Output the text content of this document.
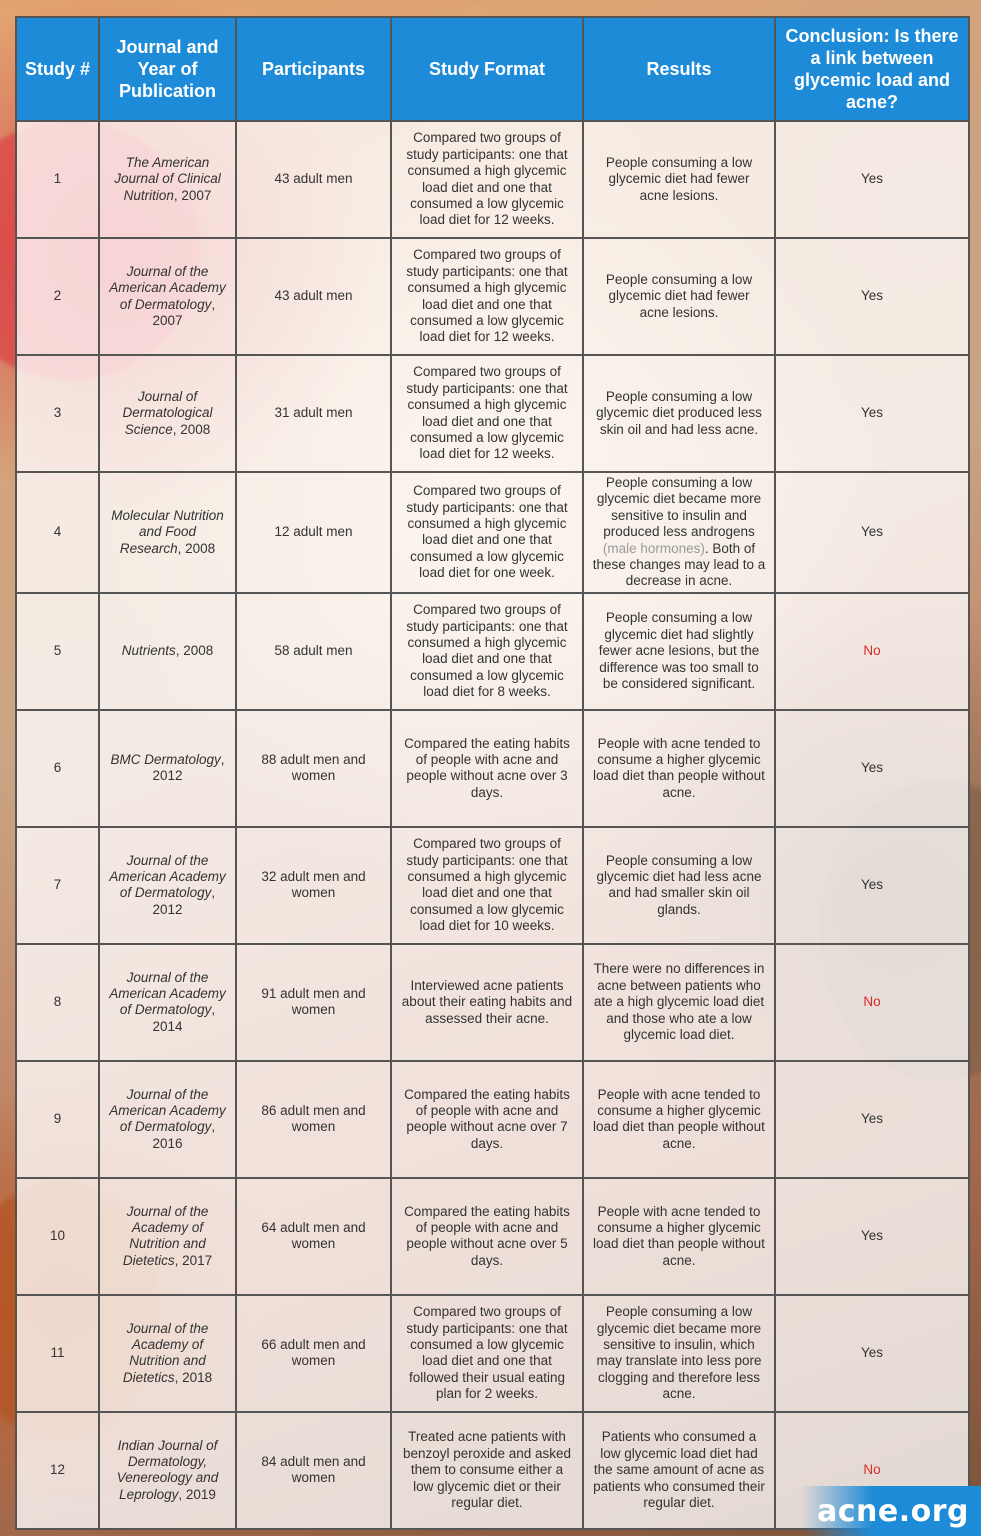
Study #	Journal and Year of Publication	Participants	Study Format	Results	Conclusion: Is there a link between glycemic load and acne?
1	The American Journal of Clinical Nutrition, 2007	43 adult men	Compared two groups of study participants: one that consumed a high glycemic load diet and one that consumed a low glycemic load diet for 12 weeks.	People consuming a low glycemic diet had fewer acne lesions.	Yes
2	Journal of the American Academy of Dermatology, 2007	43 adult men	Compared two groups of study participants: one that consumed a high glycemic load diet and one that consumed a low glycemic load diet for 12 weeks.	People consuming a low glycemic diet had fewer acne lesions.	Yes
3	Journal of Dermatological Science, 2008	31 adult men	Compared two groups of study participants: one that consumed a high glycemic load diet and one that consumed a low glycemic load diet for 12 weeks.	People consuming a low glycemic diet produced less skin oil and had less acne.	Yes
4	Molecular Nutrition and Food Research, 2008	12 adult men	Compared two groups of study participants: one that consumed a high glycemic load diet and one that consumed a low glycemic load diet for one week.	People consuming a low glycemic diet became more sensitive to insulin and produced less androgens (male hormones). Both of these changes may lead to a decrease in acne.	Yes
5	Nutrients, 2008	58 adult men	Compared two groups of study participants: one that consumed a high glycemic load diet and one that consumed a low glycemic load diet for 8 weeks.	People consuming a low glycemic diet had slightly fewer acne lesions, but the difference was too small to be considered significant.	No
6	BMC Dermatology, 2012	88 adult men and women	Compared the eating habits of people with acne and people without acne over 3 days.	People with acne tended to consume a higher glycemic load diet than people without acne.	Yes
7	Journal of the American Academy of Dermatology, 2012	32 adult men and women	Compared two groups of study participants: one that consumed a high glycemic load diet and one that consumed a low glycemic load diet for 10 weeks.	People consuming a low glycemic diet had less acne and had smaller skin oil glands.	Yes
8	Journal of the American Academy of Dermatology, 2014	91 adult men and women	Interviewed acne patients about their eating habits and assessed their acne.	There were no differences in acne between patients who ate a high glycemic load diet and those who ate a low glycemic load diet.	No
9	Journal of the American Academy of Dermatology, 2016	86 adult men and women	Compared the eating habits of people with acne and people without acne over 7 days.	People with acne tended to consume a higher glycemic load diet than people without acne.	Yes
10	Journal of the Academy of Nutrition and Dietetics, 2017	64 adult men and women	Compared the eating habits of people with acne and people without acne over 5 days.	People with acne tended to consume a higher glycemic load diet than people without acne.	Yes
11	Journal of the Academy of Nutrition and Dietetics, 2018	66 adult men and women	Compared two groups of study participants: one that consumed a low glycemic load diet and one that followed their usual eating plan for 2 weeks.	People consuming a low glycemic diet became more sensitive to insulin, which may translate into less pore clogging and therefore less acne.	Yes
12	Indian Journal of Dermatology, Venereology and Leprology, 2019	84 adult men and women	Treated acne patients with benzoyl peroxide and asked them to consume either a low glycemic diet or their regular diet.	Patients who consumed a low glycemic load diet had the same amount of acne as patients who consumed their regular diet.	No
acne.org
